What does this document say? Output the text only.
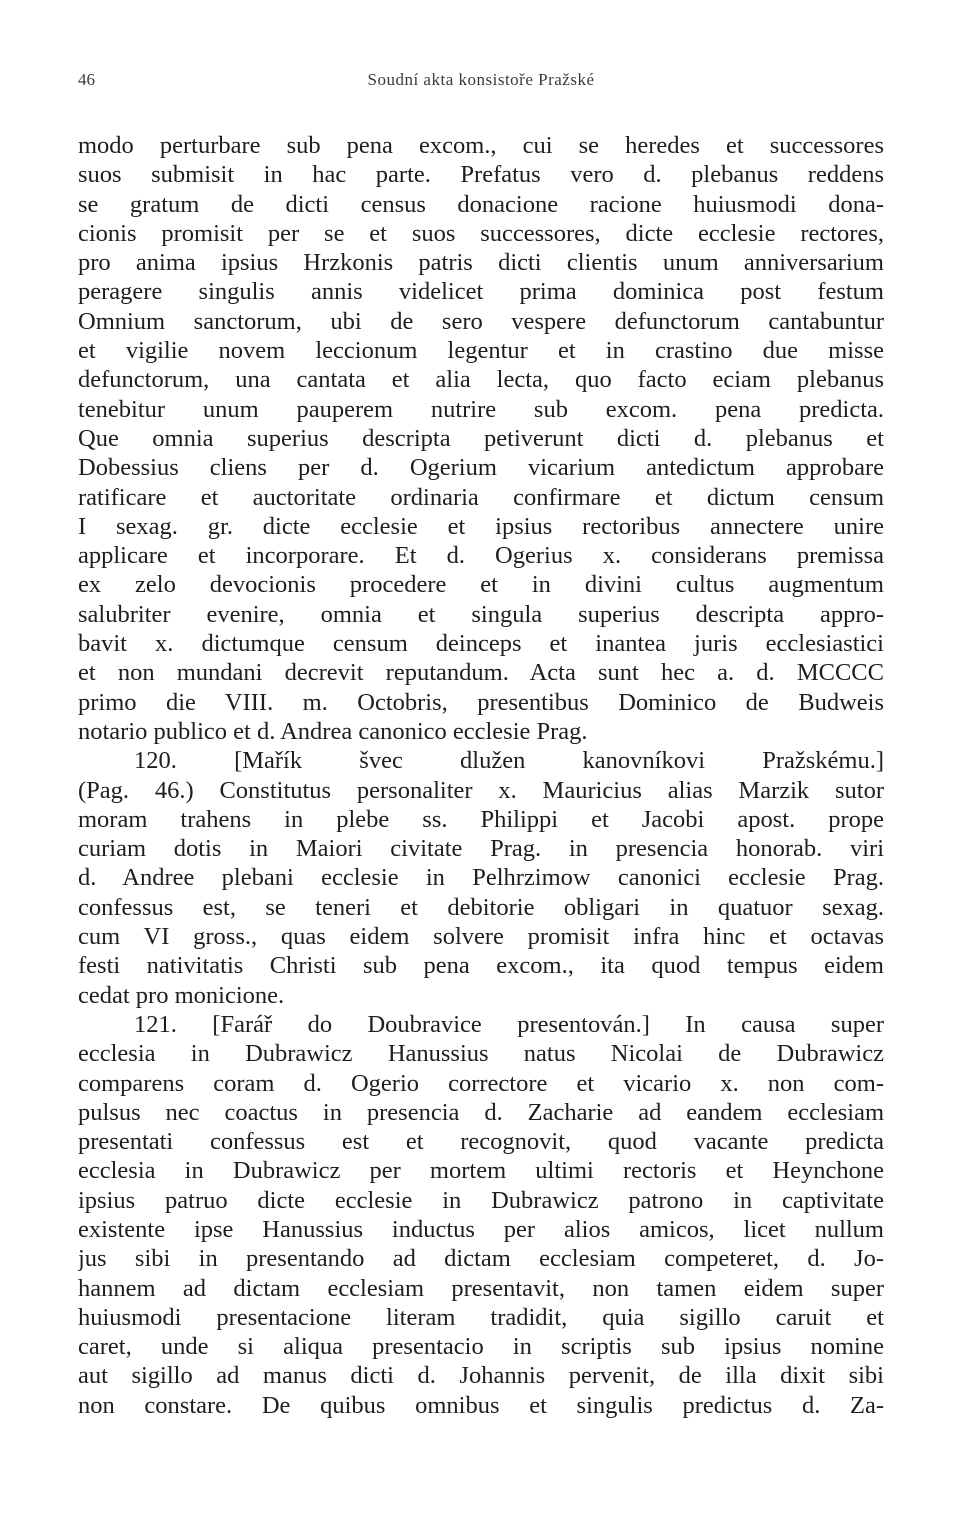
46	Soudní akta konsistoře Pražské
modo perturbare sub pena excom., cui se heredes et successores
suos submisit in hac parte. Prefatus vero d. plebanus reddens
se gratum de dicti census donacione racione huiusmodi dona-
cionis promisit per se et suos successores, dicte ecclesie rectores,
pro anima ipsius Hrzkonis patris dicti clientis unum anniversarium
peragere singulis annis videlicet prima dominica post festum
Omnium sanctorum, ubi de sero vespere defunctorum cantabuntur
et vigilie novem leccionum legentur et in crastino due misse
defunctorum, una cantata et alia lecta, quo facto eciam plebanus
tenebitur unum pauperem nutrire sub excom. pena predicta.
Que omnia superius descripta petiverunt dicti d. plebanus et
Dobessius cliens per d. Ogerium vicarium antedictum approbare
ratificare et auctoritate ordinaria confirmare et dictum censum
I sexag. gr. dicte ecclesie et ipsius rectoribus annectere unire
applicare et incorporare. Et d. Ogerius x. considerans premissa
ex zelo devocionis procedere et in divini cultus augmentum
salubriter evenire, omnia et singula superius descripta appro-
bavit x. dictumque censum deinceps et inantea juris ecclesiastici
et non mundani decrevit reputandum. Acta sunt hec a. d. MCCCC
primo die VIII. m. Octobris, presentibus Dominico de Budweis
notario publico et d. Andrea canonico ecclesie Prag.
120. [Mařík švec dlužen kanovníkovi Pražskému.]
(Pag. 46.) Constitutus personaliter x. Mauricius alias Marzik sutor
moram trahens in plebe ss. Philippi et Jacobi apost. prope
curiam dotis in Maiori civitate Prag. in presencia honorab. viri
d. Andree plebani ecclesie in Pelhrzimow canonici ecclesie Prag.
confessus est, se teneri et debitorie obligari in quatuor sexag.
cum VI gross., quas eidem solvere promisit infra hinc et octavas
festi nativitatis Christi sub pena excom., ita quod tempus eidem
cedat pro monicione.
121. [Farář do Doubravice presentován.] In causa super
ecclesia in Dubrawicz Hanussius natus Nicolai de Dubrawicz
comparens coram d. Ogerio correctore et vicario x. non com-
pulsus nec coactus in presencia d. Zacharie ad eandem ecclesiam
presentati confessus est et recognovit, quod vacante predicta
ecclesia in Dubrawicz per mortem ultimi rectoris et Heynchone
ipsius patruo dicte ecclesie in Dubrawicz patrono in captivitate
existente ipse Hanussius inductus per alios amicos, licet nullum
jus sibi in presentando ad dictam ecclesiam competeret, d. Jo-
hannem ad dictam ecclesiam presentavit, non tamen eidem super
huiusmodi presentacione literam tradidit, quia sigillo caruit et
caret, unde si aliqua presentacio in scriptis sub ipsius nomine
aut sigillo ad manus dicti d. Johannis pervenit, de illa dixit sibi
non constare. De quibus omnibus et singulis predictus d. Za-
